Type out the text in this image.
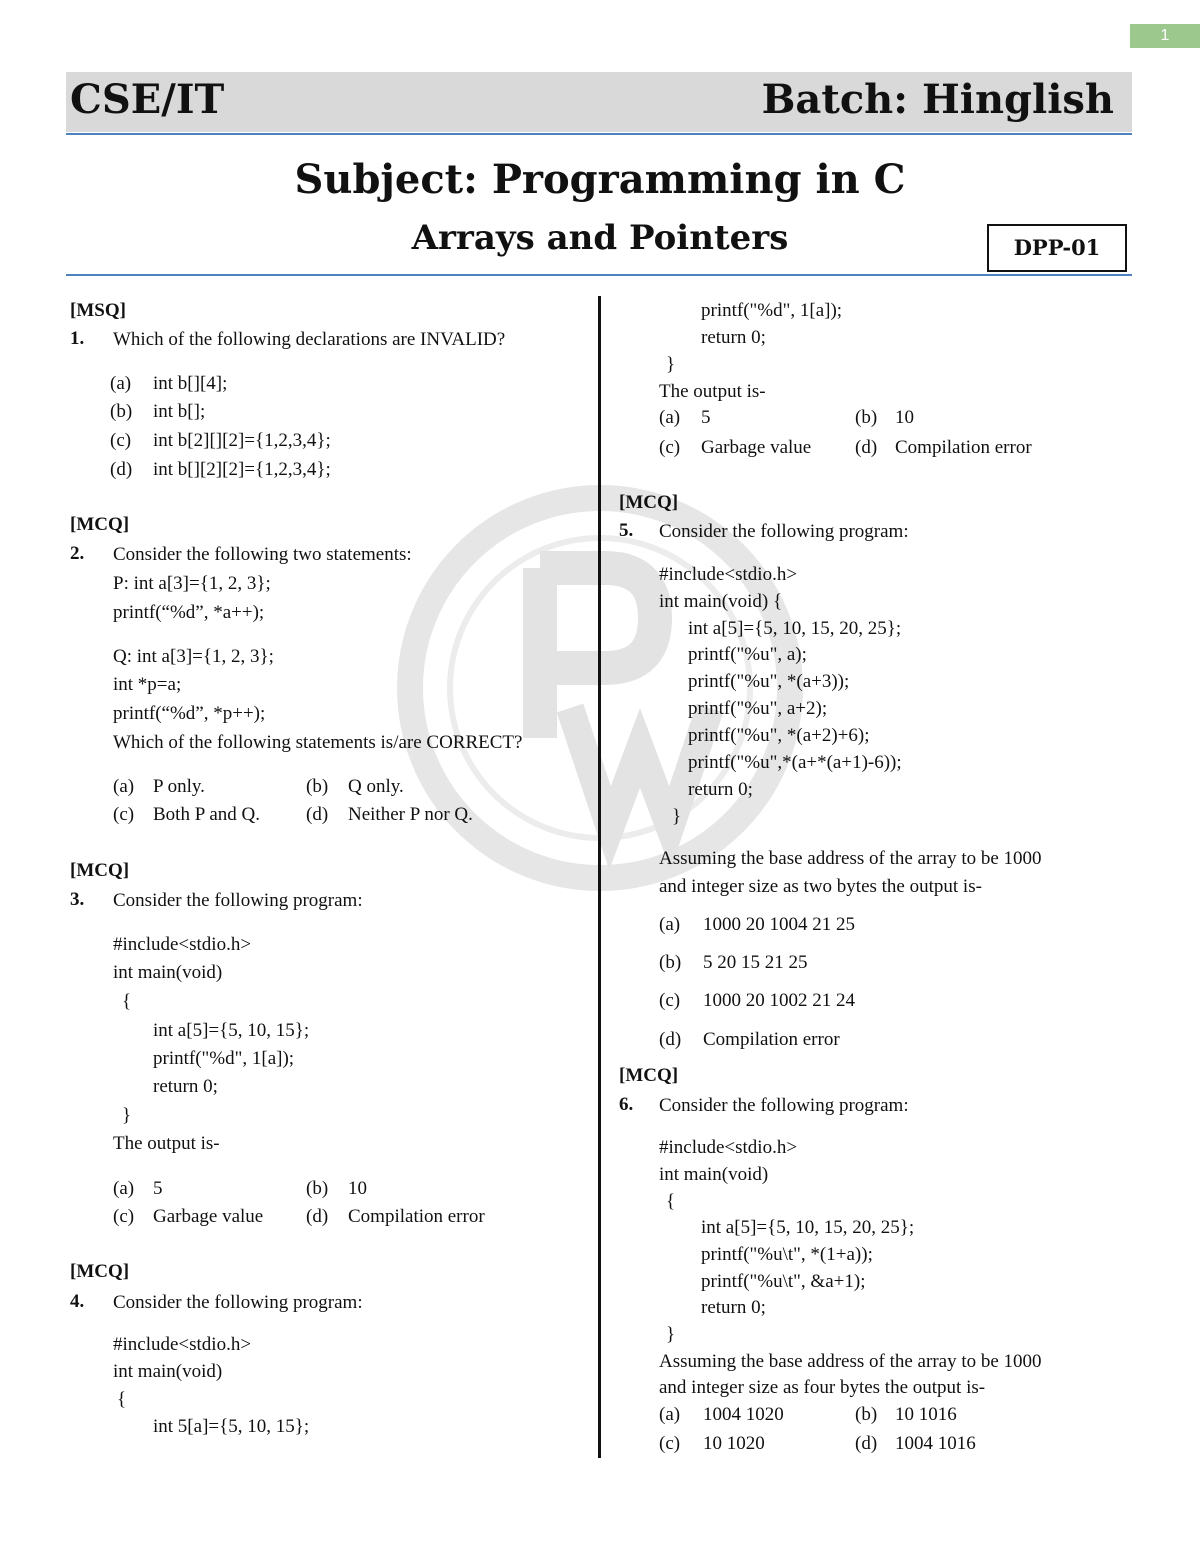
1
CSE/IT	Batch: Hinglish
Subject: Programming in C
Arrays and Pointers	DPP-01
[MSQ]
1. Which of the following declarations are INVALID?
(a) int b[][4];
(b) int b[];
(c) int b[2][][2]={1,2,3,4};
(d) int b[][2][2]={1,2,3,4};
[MCQ]
2. Consider the following two statements:
P: int a[3]={1, 2, 3};
printf(“%d”, *a++);
Q: int a[3]={1, 2, 3};
int *p=a;
printf(“%d”, *p++);
Which of the following statements is/are CORRECT?
(a) P only.	(b) Q only.
(c) Both P and Q. (d) Neither P nor Q.
[MCQ]
3. Consider the following program:
#include<stdio.h>
int main(void)
{
int a[5]={5, 10, 15};
printf("%d", 1[a]);
return 0;
}
The output is-
(a) 5	(b) 10
(c) Garbage value (d) Compilation error
[MCQ]
4. Consider the following program:
#include<stdio.h>
int main(void)
{
int 5[a]={5, 10, 15};
printf("%d", 1[a]);
return 0;
}
The output is-
(a) 5	(b) 10
(c) Garbage value (d) Compilation error
[MCQ]
5. Consider the following program:
#include<stdio.h>
int main(void) {
int a[5]={5, 10, 15, 20, 25};
printf("%u", a);
printf("%u", *(a+3));
printf("%u", a+2);
printf("%u", *(a+2)+6);
printf("%u",*(a+*(a+1)-6));
return 0;
}
Assuming the base address of the array to be 1000
and integer size as two bytes the output is-
(a) 1000 20 1004 21 25
(b) 5 20 15 21 25
(c) 1000 20 1002 21 24
(d) Compilation error
[MCQ]
6. Consider the following program:
#include<stdio.h>
int main(void)
{
int a[5]={5, 10, 15, 20, 25};
printf("%u\t", *(1+a));
printf("%u\t", &a+1);
return 0;
}
Assuming the base address of the array to be 1000
and integer size as four bytes the output is-
(a) 1004 1020	(b) 10 1016
(c) 10 1020	(d) 1004 1016
